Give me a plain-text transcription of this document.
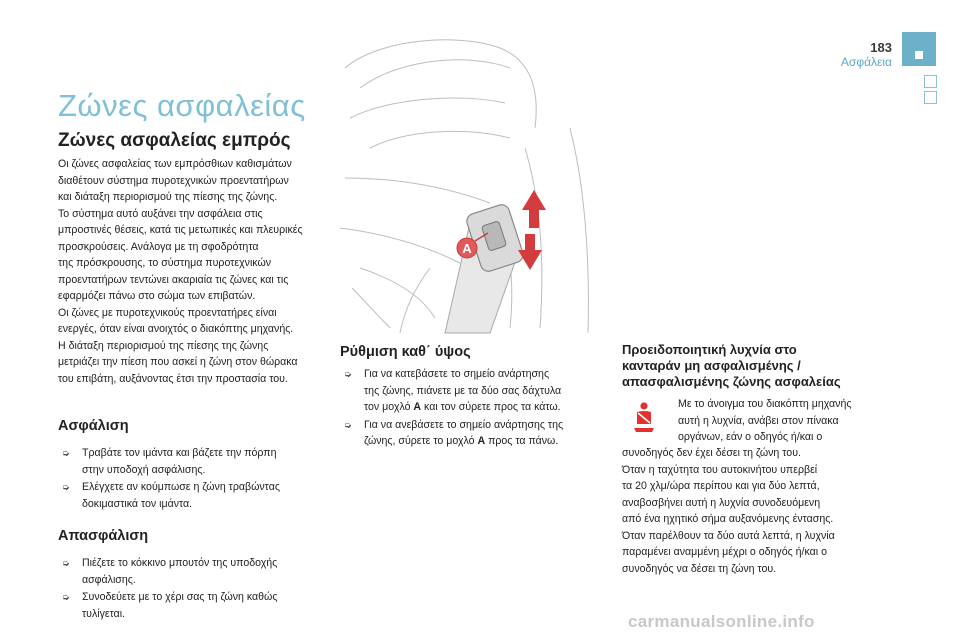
183
Ασφάλεια
Ζώνες ασφαλείας
Ζώνες ασφαλείας εμπρός
Οι ζώνες ασφαλείας των εμπρόσθιων καθισμάτων
διαθέτουν σύστημα πυροτεχνικών προεντατήρων
και διάταξη περιορισμού της πίεσης της ζώνης.
Το σύστημα αυτό αυξάνει την ασφάλεια στις
μπροστινές θέσεις, κατά τις μετωπικές και πλευρικές
προσκρούσεις. Ανάλογα με τη σφοδρότητα
της πρόσκρουσης, το σύστημα πυροτεχνικών
προεντατήρων τεντώνει ακαριαία τις ζώνες και τις
εφαρμόζει πάνω στο σώμα των επιβατών.
Οι ζώνες με πυροτεχνικούς προεντατήρες είναι
ενεργές, όταν είναι ανοιχτός ο διακόπτης μηχανής.
Η διάταξη περιορισμού της πίεσης της ζώνης
μετριάζει την πίεση που ασκεί η ζώνη στον θώρακα
του επιβάτη, αυξάνοντας έτσι την προστασία του.
Ασφάλιση
➭ Τραβάτε τον ιμάντα και βάζετε την πόρπη
στην υποδοχή ασφάλισης.
➭ Ελέγχετε αν κούμπωσε η ζώνη τραβώντας
δοκιμαστικά τον ιμάντα.
Απασφάλιση
➭ Πιέζετε το κόκκινο μπουτόν της υποδοχής
ασφάλισης.
➭ Συνοδεύετε με το χέρι σας τη ζώνη καθώς
τυλίγεται.
A
Ρύθμιση καθ΄ ύψος
➭ Για να κατεβάσετε το σημείο ανάρτησης
της ζώνης, πιάνετε με τα δύο σας δάχτυλα
τον μοχλό A και τον σύρετε προς τα κάτω.
➭ Για να ανεβάσετε το σημείο ανάρτησης της
ζώνης, σύρετε το μοχλό A προς τα πάνω.
Προειδοποιητική λυχνία στο
κανταράν μη ασφαλισμένης /
απασφαλισμένης ζώνης ασφαλείας
Με το άνοιγμα του διακόπτη μηχανής
αυτή η λυχνία, ανάβει στον πίνακα
οργάνων, εάν ο οδηγός ή/και ο
συνοδηγός δεν έχει δέσει τη ζώνη του.
Όταν η ταχύτητα του αυτοκινήτου υπερβεί
τα 20 χλμ/ώρα περίπου και για δύο λεπτά,
αναβοσβήνει αυτή η λυχνία συνοδευόμενη
από ένα ηχητικό σήμα αυξανόμενης έντασης.
Όταν παρέλθουν τα δύο αυτά λεπτά, η λυχνία
παραμένει αναμμένη μέχρι ο οδηγός ή/και ο
συνοδηγός να δέσει τη ζώνη του.
carmanualsonline.info
